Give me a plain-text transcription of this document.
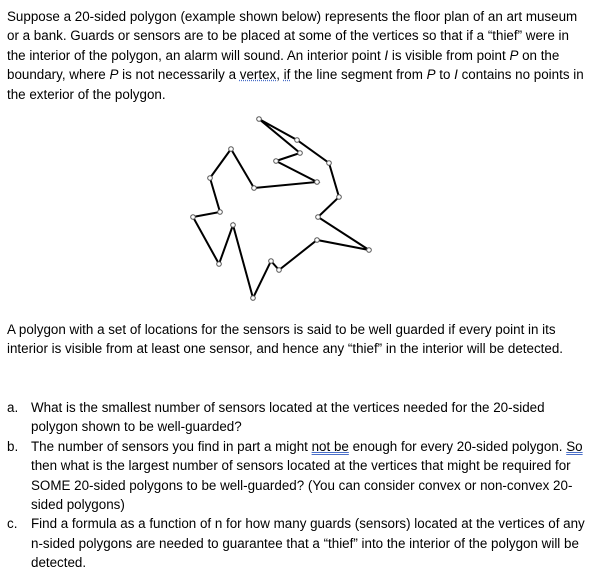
Suppose a 20-sided polygon (example shown below) represents the floor plan of an art museum or a bank. Guards or sensors are to be placed at some of the vertices so that if a “thief” were in the interior of the polygon, an alarm will sound. An interior point I is visible from point P on the boundary, where P is not necessarily a vertex, if the line segment from P to I contains no points in the exterior of the polygon.

A polygon with a set of locations for the sensors is said to be well guarded if every point in its interior is visible from at least one sensor, and hence any “thief” in the interior will be detected.

a. What is the smallest number of sensors located at the vertices needed for the 20-sided polygon shown to be well-guarded?
b. The number of sensors you find in part a might not be enough for every 20-sided polygon. So then what is the largest number of sensors located at the vertices that might be required for SOME 20-sided polygons to be well-guarded? (You can consider convex or non-convex 20-sided polygons)
c. Find a formula as a function of n for how many guards (sensors) located at the vertices of any n-sided polygons are needed to guarantee that a “thief” into the interior of the polygon will be detected.
